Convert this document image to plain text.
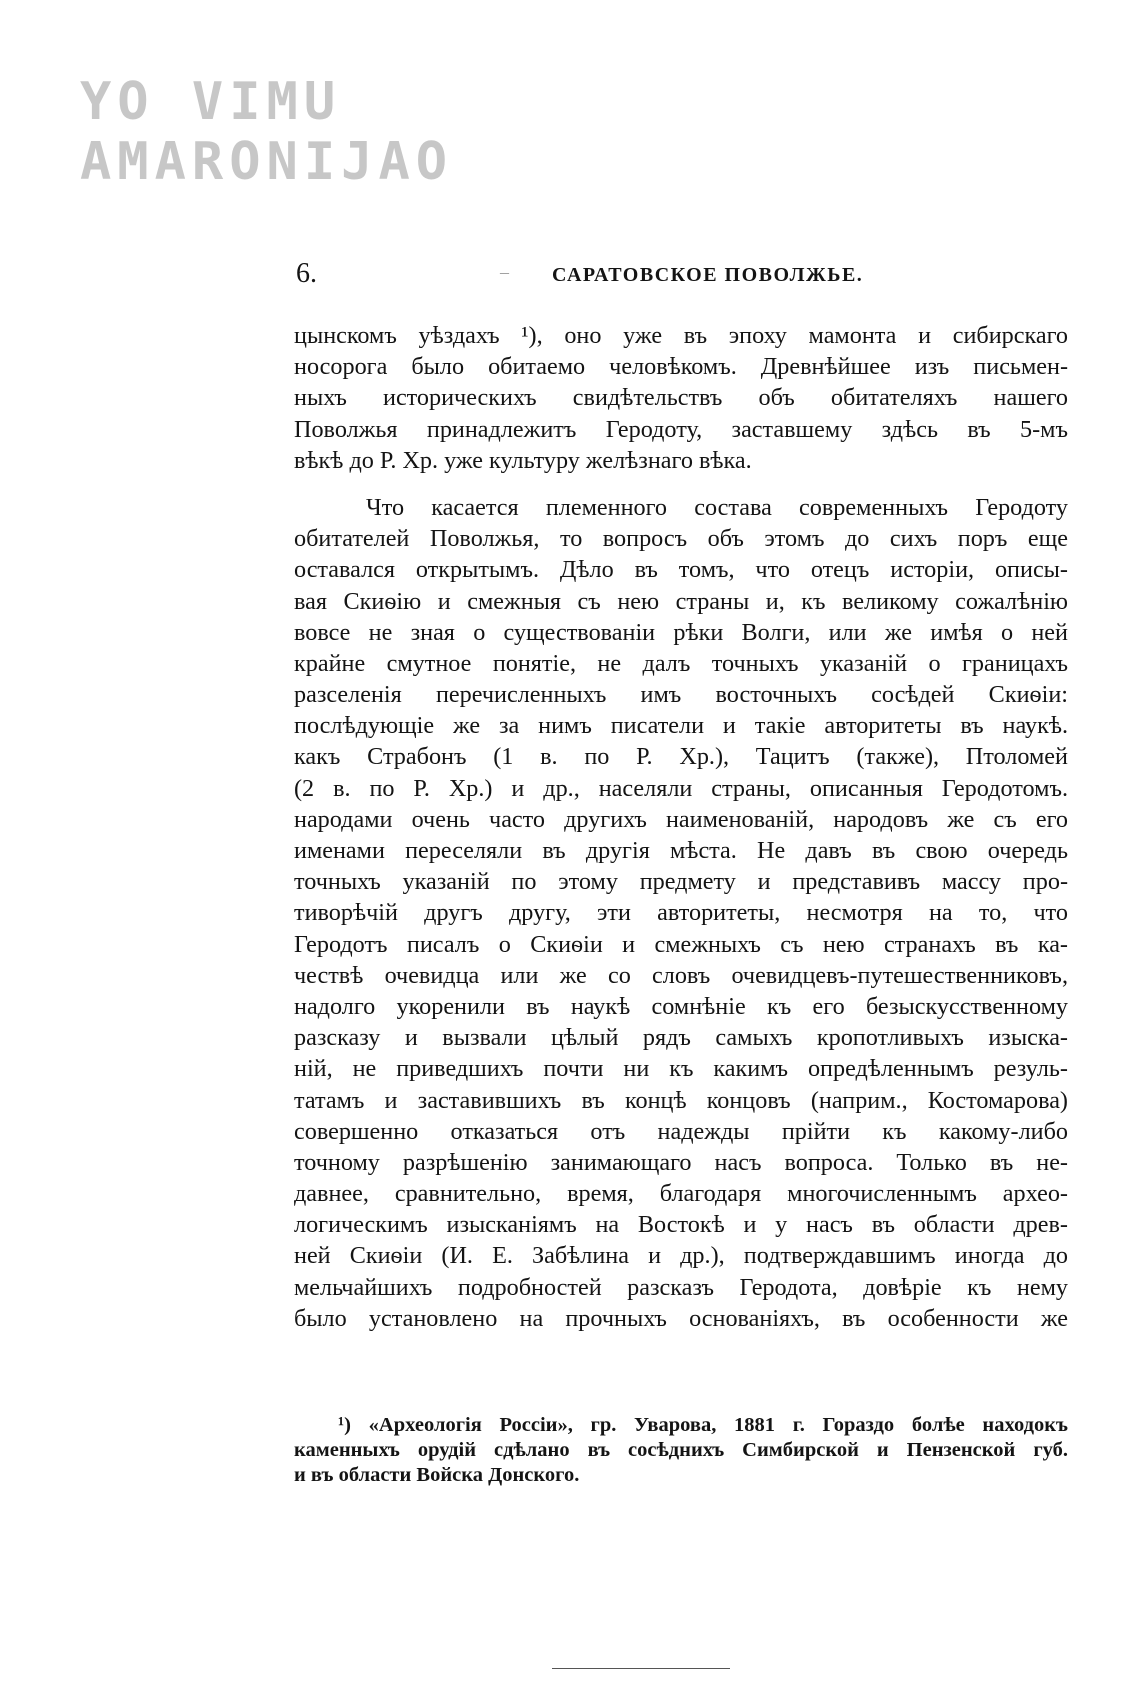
YO VIMU
AMARONIJAO
6.	– САРАТОВСКОЕ ПОВОЛЖЬЕ.
цынскомъ уѣздахъ ¹), оно уже въ эпоху мамонта и сибирскаго
носорога было обитаемо человѣкомъ. Древнѣйшее изъ письмен-
ныхъ историческихъ свидѣтельствъ объ обитателяхъ нашего
Поволжья принадлежитъ Геродоту, заставшему здѣсь въ 5-мъ
вѣкѣ до Р. Хр. уже культуру желѣзнаго вѣка.
Что касается племенного состава современныхъ Геродоту
обитателей Поволжья, то вопросъ объ этомъ до сихъ поръ еще
оставался открытымъ. Дѣло въ томъ, что отецъ исторіи, описы-
вая Скиѳію и смежныя съ нею страны и, къ великому сожалѣнію
вовсе не зная о существованіи рѣки Волги, или же имѣя о ней
крайне смутное понятіе, не далъ точныхъ указаній о границахъ
разселенія перечисленныхъ имъ восточныхъ сосѣдей Скиѳіи:
послѣдующіе же за нимъ писатели и такіе авторитеты въ наукѣ.
какъ Страбонъ (1 в. по Р. Хр.), Тацитъ (также), Птоломей
(2 в. по Р. Хр.) и др., населяли страны, описанныя Геродотомъ.
народами очень часто другихъ наименованій, народовъ же съ его
именами переселяли въ другія мѣста. Не давъ въ свою очередь
точныхъ указаній по этому предмету и представивъ массу про-
тиворѣчій другъ другу, эти авторитеты, несмотря на то, что
Геродотъ писалъ о Скиѳіи и смежныхъ съ нею странахъ въ ка-
чествѣ очевидца или же со словъ очевидцевъ-путешественниковъ,
надолго укоренили въ наукѣ сомнѣніе къ его безыскусственному
разсказу и вызвали цѣлый рядъ самыхъ кропотливыхъ изыска-
ній, не приведшихъ почти ни къ какимъ опредѣленнымъ резуль-
татамъ и заставившихъ въ концѣ концовъ (наприм., Костомарова)
совершенно отказаться отъ надежды прійти къ какому-либо
точному разрѣшенію занимающаго насъ вопроса. Только въ не-
давнее, сравнительно, время, благодаря многочисленнымъ архео-
логическимъ изысканіямъ на Востокѣ и у насъ въ области древ-
ней Скиѳіи (И. Е. Забѣлина и др.), подтверждавшимъ иногда до
мельчайшихъ подробностей разсказъ Геродота, довѣріе къ нему
было установлено на прочныхъ основаніяхъ, въ особенности же
¹) «Археологія Россіи», гр. Уварова, 1881 г. Гораздо болѣе находокъ
каменныхъ орудій сдѣлано въ сосѣднихъ Симбирской и Пензенской губ.
и въ области Войска Донского.
